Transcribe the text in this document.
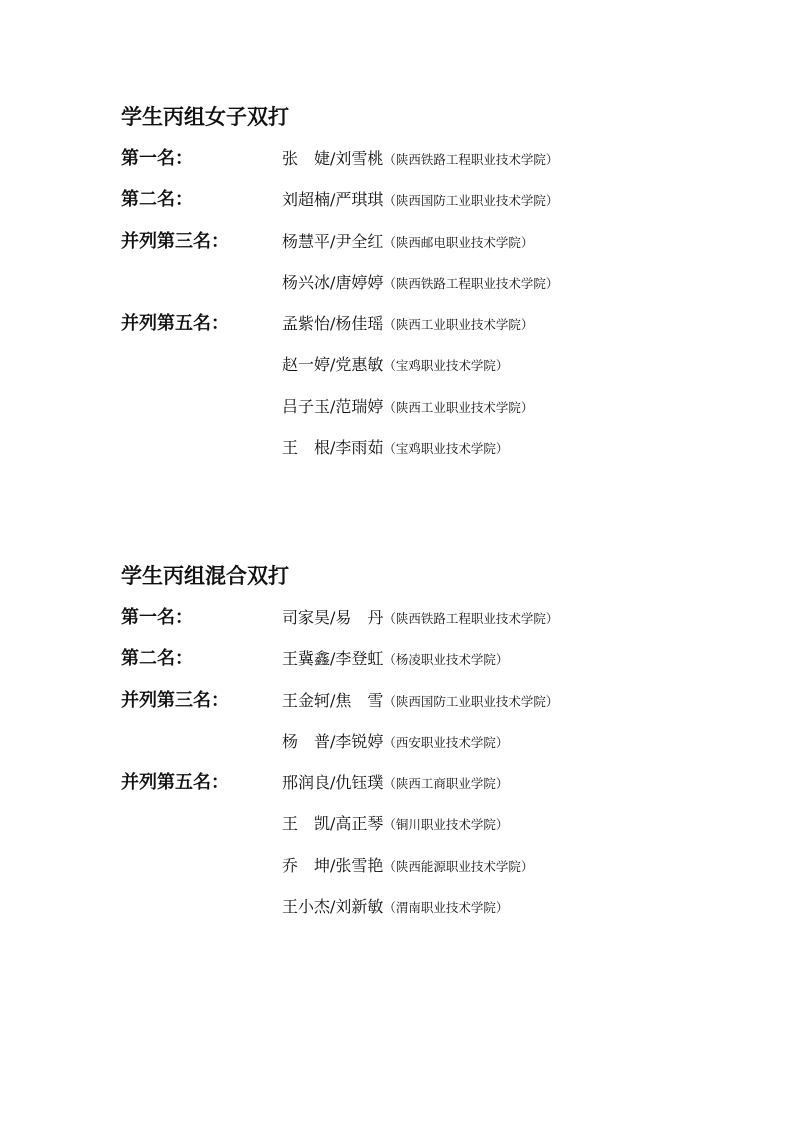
学生丙组女子双打
第一名：	张　婕/刘雪桃（陕西铁路工程职业技术学院）
第二名：	刘超楠/严琪琪（陕西国防工业职业技术学院）
并列第三名：	杨慧平/尹全红（陕西邮电职业技术学院）
杨兴冰/唐婷婷（陕西铁路工程职业技术学院）
并列第五名：	孟紫怡/杨佳瑶（陕西工业职业技术学院）
赵一婷/党惠敏（宝鸡职业技术学院）
吕子玉/范瑞婷（陕西工业职业技术学院）
王　根/李雨茹（宝鸡职业技术学院）
学生丙组混合双打
第一名：	司家昊/易　丹（陕西铁路工程职业技术学院）
第二名：	王冀鑫/李登虹（杨凌职业技术学院）
并列第三名：	王金轲/焦　雪（陕西国防工业职业技术学院）
杨　普/李锐婷（西安职业技术学院）
并列第五名：	邢润良/仇钰璞（陕西工商职业学院）
王　凯/高正琴（铜川职业技术学院）
乔　坤/张雪艳（陕西能源职业技术学院）
王小杰/刘新敏（渭南职业技术学院）
